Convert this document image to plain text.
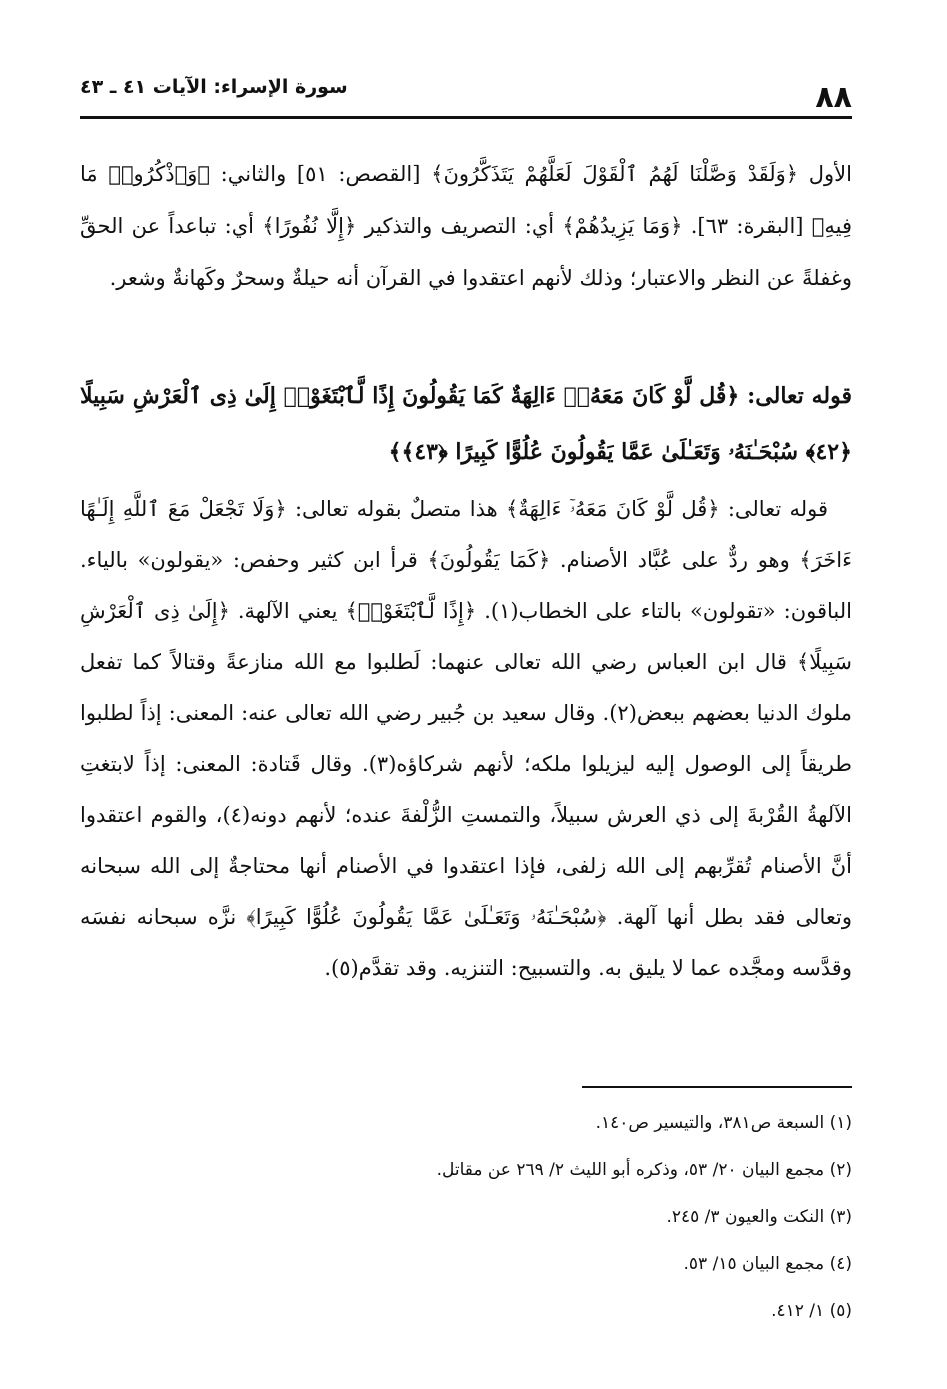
٨٨
سورة الإسراء: الآيات ٤١ ـ ٤٣

الأول ﴿وَلَقَدْ وَصَّلْنَا لَهُمُ ٱلْقَوْلَ لَعَلَّهُمْ يَتَذَكَّرُونَ﴾ [القصص: ٥١] والثاني: ﴿وَٱذْكُرُوا۟ مَا فِيهِ﴾ [البقرة: ٦٣]. ﴿وَمَا يَزِيدُهُمْ﴾ أي: التصريف والتذكير ﴿إِلَّا نُفُورًا﴾ أي: تباعداً عن الحقِّ وغفلةً عن النظر والاعتبار؛ وذلك لأنهم اعتقدوا في القرآن أنه حيلةٌ وسحرٌ وكَهانةٌ وشعر.

قوله تعالى: ﴿قُل لَّوْ كَانَ مَعَهُۥٓ ءَالِهَةٌ كَمَا يَقُولُونَ إِذًا لَّٱبْتَغَوْا۟ إِلَىٰ ذِى ٱلْعَرْشِ سَبِيلًا ﴿٤٢﴾ سُبْحَـٰنَهُۥ وَتَعَـٰلَىٰ عَمَّا يَقُولُونَ عُلُوًّا كَبِيرًا ﴿٤٣﴾﴾

قوله تعالى: ﴿قُل لَّوْ كَانَ مَعَهُۥٓ ءَالِهَةٌ﴾ هذا متصلٌ بقوله تعالى: ﴿وَلَا تَجْعَلْ مَعَ ٱللَّهِ إِلَـٰهًا ءَاخَرَ﴾ وهو ردٌّ على عُبَّاد الأصنام. ﴿كَمَا يَقُولُونَ﴾ قرأ ابن كثير وحفص: «يقولون» بالياء. الباقون: «تقولون» بالتاء على الخطاب(١). ﴿إِذًا لَّٱبْتَغَوْا۟﴾ يعني الآلهة. ﴿إِلَىٰ ذِى ٱلْعَرْشِ سَبِيلًا﴾ قال ابن العباس رضي الله تعالى عنهما: لَطلبوا مع الله منازعةً وقتالاً كما تفعل ملوك الدنيا بعضهم ببعض(٢). وقال سعيد بن جُبير رضي الله تعالى عنه: المعنى: إذاً لطلبوا طريقاً إلى الوصول إليه ليزيلوا ملكه؛ لأنهم شركاؤه(٣). وقال قَتادة: المعنى: إذاً لابتغتِ الآلهةُ القُرْبةَ إلى ذي العرش سبيلاً، والتمستِ الزُّلْفةَ عنده؛ لأنهم دونه(٤)، والقوم اعتقدوا أنَّ الأصنام تُقرِّبهم إلى الله زلفى، فإذا اعتقدوا في الأصنام أنها محتاجةٌ إلى الله سبحانه وتعالى فقد بطل أنها آلهة. ﴿سُبْحَـٰنَهُۥ وَتَعَـٰلَىٰ عَمَّا يَقُولُونَ عُلُوًّا كَبِيرًا﴾ نزَّه سبحانه نفسَه وقدَّسه ومجَّده عما لا يليق به. والتسبيح: التنزيه. وقد تقدَّم(٥).

(١) السبعة ص٣٨١، والتيسير ص١٤٠.
(٢) مجمع البيان ٢٠/ ٥٣، وذكره أبو الليث ٢/ ٢٦٩ عن مقاتل.
(٣) النكت والعيون ٣/ ٢٤٥.
(٤) مجمع البيان ١٥/ ٥٣.
(٥) ١/ ٤١٢.
